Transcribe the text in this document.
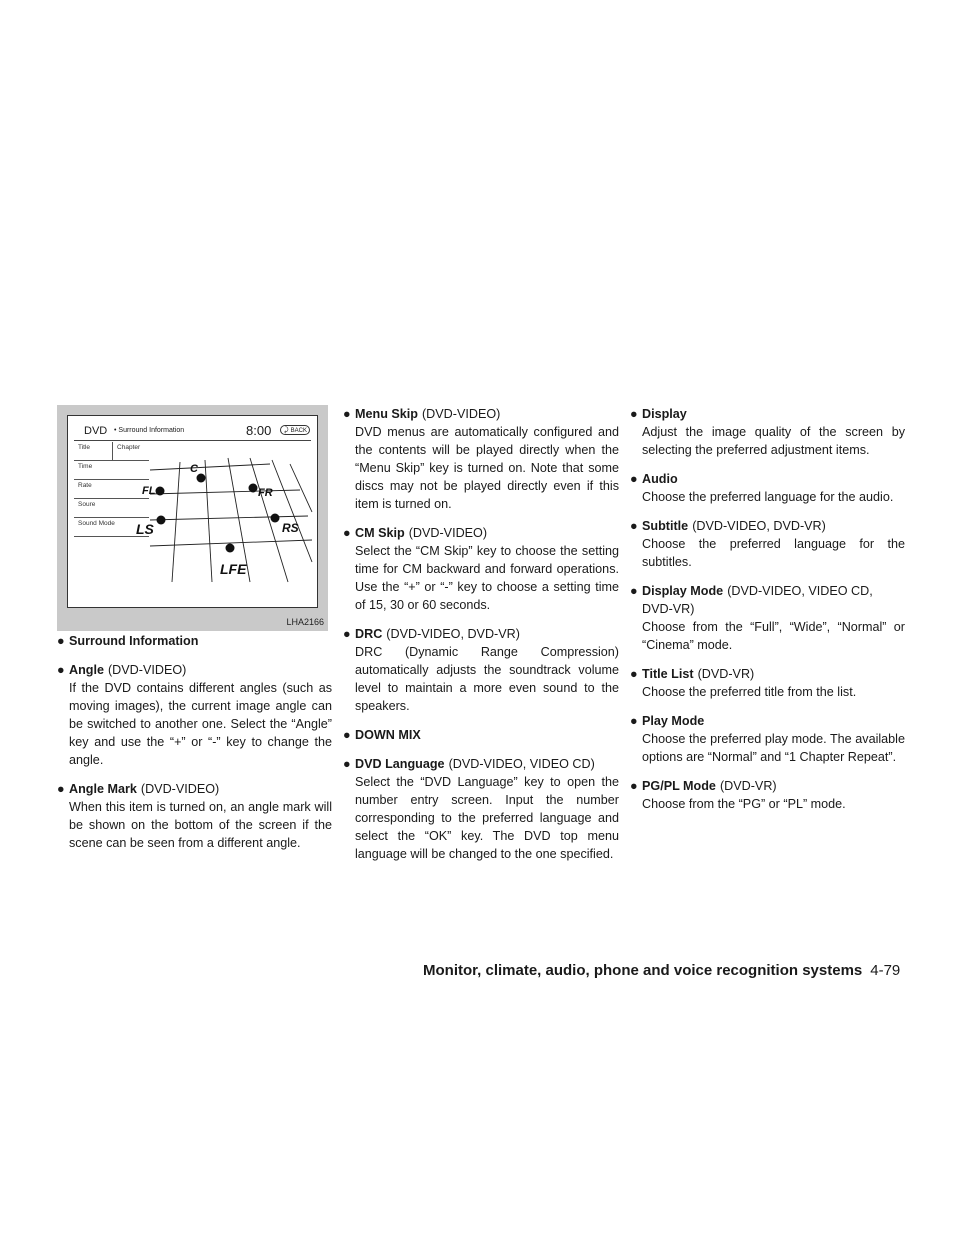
DVD • Surround Information	8:00 ⤸ BACK
Title	Chapter
Time
Rate
Soure
Sound Mode
FL
C
FR
LS	RS
LFE
LHA2166
● Surround Information
● Angle (DVD-VIDEO)
If the DVD contains different angles (such as moving images), the current image angle can be switched to another one. Select the “Angle” key and use the “+” or “-” key to change the angle.
● Angle Mark (DVD-VIDEO)
When this item is turned on, an angle mark will be shown on the bottom of the screen if the scene can be seen from a different angle.
● Menu Skip (DVD-VIDEO)
DVD menus are automatically configured and the contents will be played directly when the “Menu Skip” key is turned on. Note that some discs may not be played directly even if this item is turned on.
● CM Skip (DVD-VIDEO)
Select the “CM Skip” key to choose the setting time for CM backward and forward operations. Use the “+” or “-” key to choose a setting time of 15, 30 or 60 seconds.
● DRC (DVD-VIDEO, DVD-VR)
DRC (Dynamic Range Compression) automatically adjusts the soundtrack volume level to maintain a more even sound to the speakers.
● DOWN MIX
● DVD Language (DVD-VIDEO, VIDEO CD)
Select the “DVD Language” key to open the number entry screen. Input the number corresponding to the preferred language and select the “OK” key. The DVD top menu language will be changed to the one specified.
● Display
Adjust the image quality of the screen by selecting the preferred adjustment items.
● Audio
Choose the preferred language for the audio.
● Subtitle (DVD-VIDEO, DVD-VR)
Choose the preferred language for the subtitles.
● Display Mode (DVD-VIDEO, VIDEO CD, DVD-VR)
Choose from the “Full”, “Wide”, “Normal” or “Cinema” mode.
● Title List (DVD-VR)
Choose the preferred title from the list.
● Play Mode
Choose the preferred play mode. The available options are “Normal” and “1 Chapter Repeat”.
● PG/PL Mode (DVD-VR)
Choose from the “PG” or “PL” mode.
Monitor, climate, audio, phone and voice recognition systems 4-79
